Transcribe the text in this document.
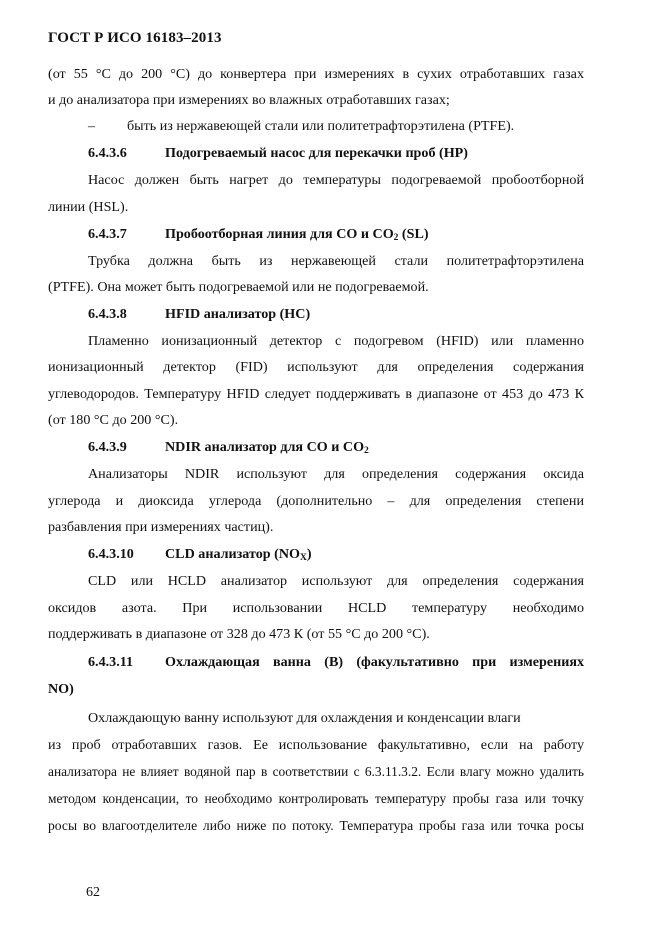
ГОСТ Р ИСО 16183–2013
(от 55 °С до 200 °С) до конвертера при измерениях в сухих отработавших газах
и до анализатора при измерениях во влажных отработавших газах;
– быть из нержавеющей стали или политетрафторэтилена (PTFE).
6.4.3.6	Подогреваемый насос для перекачки проб (HP)
Насос должен быть нагрет до температуры подогреваемой пробоотборной
линии (HSL).
6.4.3.7	Пробоотборная линия для CO и $CO_2$ (SL)
Трубка должна быть из нержавеющей стали политетрафторэтилена
(PTFE). Она может быть подогреваемой или не подогреваемой.
6.4.3.8	HFID анализатор (HC)
Пламенно ионизационный детектор с подогревом (HFID) или пламенно
ионизационный детектор (FID) используют для определения содержания
углеводородов. Температуру HFID следует поддерживать в диапазоне от 453 до 473 К
(от 180 °С до 200 °С).
6.4.3.9	NDIR анализатор для CO и $CO_2$
Анализаторы NDIR используют для определения содержания оксида
углерода и диоксида углерода (дополнительно – для определения степени
разбавления при измерениях частиц).
6.4.3.10 CLD анализатор $(NO_X)$
CLD или HCLD анализатор используют для определения содержания
оксидов азота. При использовании HCLD температуру необходимо
поддерживать в диапазоне от 328 до 473 К (от 55 °С до 200 °С).
6.4.3.11 Охлаждающая ванна (B) (факультативно при измерениях
NO)
Охлаждающую ванну используют для охлаждения и конденсации влаги
из проб отработавших газов. Ее использование факультативно, если на работу
анализатора не влияет водяной пар в соответствии с 6.3.11.3.2. Если влагу можно удалить
методом конденсации, то необходимо контролировать температуру пробы газа или точку
росы во влагоотделителе либо ниже по потоку. Температура пробы газа или точка росы
62
